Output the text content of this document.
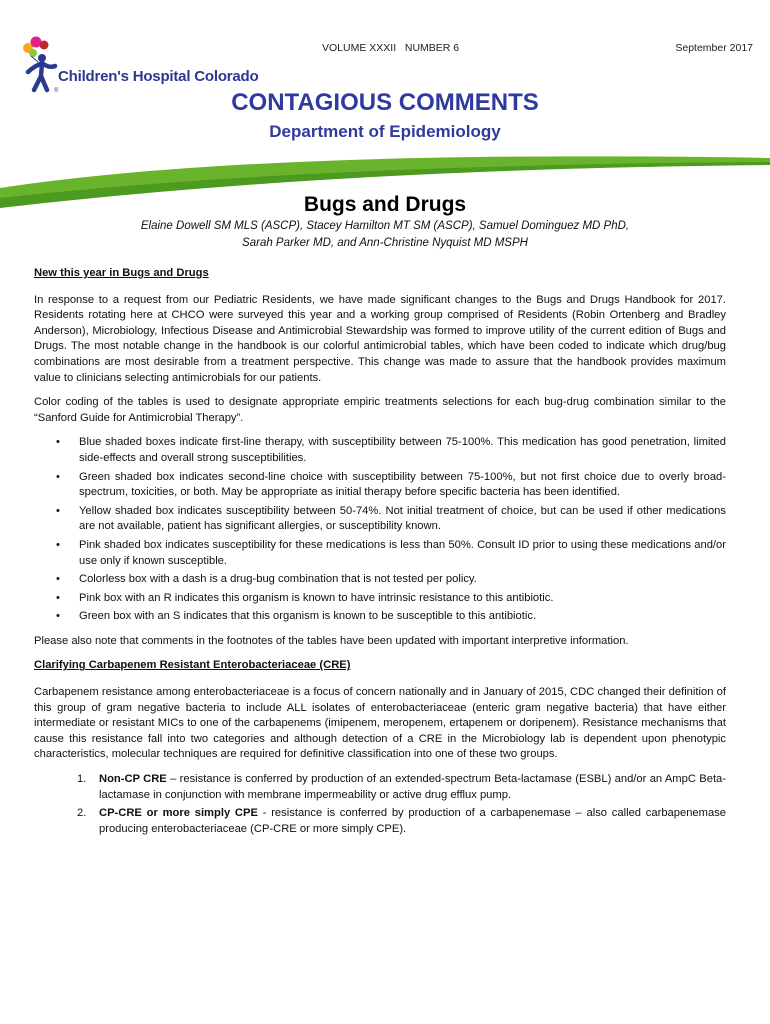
Children's Hospital Colorado
®
VOLUME XXXII NUMBER 6	September 2017
CONTAGIOUS COMMENTS
Department of Epidemiology
Bugs and Drugs
Elaine Dowell SM MLS (ASCP), Stacey Hamilton MT SM (ASCP), Samuel Dominguez MD PhD,
Sarah Parker MD, and Ann-Christine Nyquist MD MSPH
New this year in Bugs and Drugs

In response to a request from our Pediatric Residents, we have made significant changes to the Bugs and Drugs Handbook for 2017. Residents rotating here at CHCO were surveyed this year and a working group comprised of Residents (Robin Ortenberg and Bradley Anderson), Microbiology, Infectious Disease and Antimicrobial Stewardship was formed to improve utility of the current edition of Bugs and Drugs. The most notable change in the handbook is our colorful antimicrobial tables, which have been coded to indicate which drug/bug combinations are most desirable from a treatment perspective. This change was made to assure that the handbook provides maximum value to clinicians selecting antimicrobials for our patients.

Color coding of the tables is used to designate appropriate empiric treatments selections for each bug-drug combination similar to the “Sanford Guide for Antimicrobial Therapy”.

• Blue shaded boxes indicate first-line therapy, with susceptibility between 75-100%. This medication has good penetration, limited side-effects and overall strong susceptibilities.
• Green shaded box indicates second-line choice with susceptibility between 75-100%, but not first choice due to overly broad-spectrum, toxicities, or both. May be appropriate as initial therapy before specific bacteria has been identified.
• Yellow shaded box indicates susceptibility between 50-74%. Not initial treatment of choice, but can be used if other medications are not available, patient has significant allergies, or susceptibility known.
• Pink shaded box indicates susceptibility for these medications is less than 50%. Consult ID prior to using these medications and/or use only if known susceptible.
• Colorless box with a dash is a drug-bug combination that is not tested per policy.
• Pink box with an R indicates this organism is known to have intrinsic resistance to this antibiotic.
• Green box with an S indicates that this organism is known to be susceptible to this antibiotic.

Please also note that comments in the footnotes of the tables have been updated with important interpretive information.

Clarifying Carbapenem Resistant Enterobacteriaceae (CRE)

Carbapenem resistance among enterobacteriaceae is a focus of concern nationally and in January of 2015, CDC changed their definition of this group of gram negative bacteria to include ALL isolates of enterobacteriaceae (enteric gram negative bacteria) that have either intermediate or resistant MICs to one of the carbapenems (imipenem, meropenem, ertapenem or doripenem). Resistance mechanisms that cause this resistance fall into two categories and although detection of a CRE in the Microbiology lab is dependent upon phenotypic characteristics, molecular techniques are required for definitive classification into one of these two groups.

1. Non-CP CRE – resistance is conferred by production of an extended-spectrum Beta-lactamase (ESBL) and/or an AmpC Beta-lactamase in conjunction with membrane impermeability or active drug efflux pump.
2. CP-CRE or more simply CPE - resistance is conferred by production of a carbapenemase – also called carbapenemase producing enterobacteriaceae (CP-CRE or more simply CPE).
